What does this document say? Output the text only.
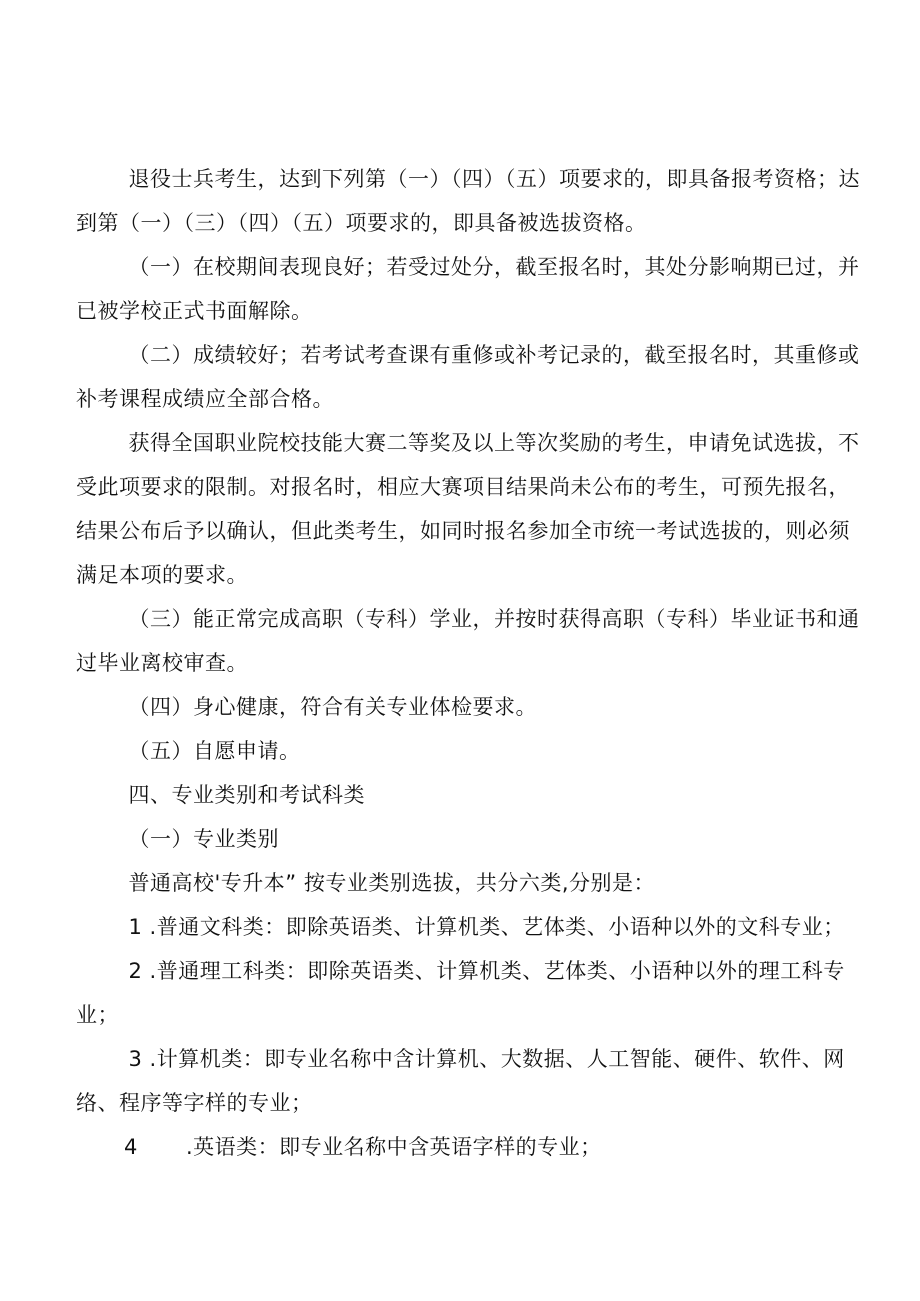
退役士兵考生，达到下列第（一）（四）（五）项要求的，即具备报考资格；达到第（一）（三）（四）（五）项要求的，即具备被选拔资格。

（一）在校期间表现良好；若受过处分，截至报名时，其处分影响期已过，并已被学校正式书面解除。

（二）成绩较好；若考试考查课有重修或补考记录的，截至报名时，其重修或补考课程成绩应全部合格。

获得全国职业院校技能大赛二等奖及以上等次奖励的考生，申请免试选拔，不受此项要求的限制。对报名时，相应大赛项目结果尚未公布的考生，可预先报名，结果公布后予以确认，但此类考生，如同时报名参加全市统一考试选拔的，则必须满足本项的要求。

（三）能正常完成高职（专科）学业，并按时获得高职（专科）毕业证书和通过毕业离校审查。

（四）身心健康，符合有关专业体检要求。

（五）自愿申请。

四、专业类别和考试科类

（一）专业类别

普通高校'专升本” 按专业类别选拔，共分六类,分别是：

1 .普通文科类：即除英语类、计算机类、艺体类、小语种以外的文科专业；

2 .普通理工科类：即除英语类、计算机类、艺体类、小语种以外的理工科专业；

3 .计算机类：即专业名称中含计算机、大数据、人工智能、硬件、软件、网络、程序等字样的专业；

4 .英语类：即专业名称中含英语字样的专业；
